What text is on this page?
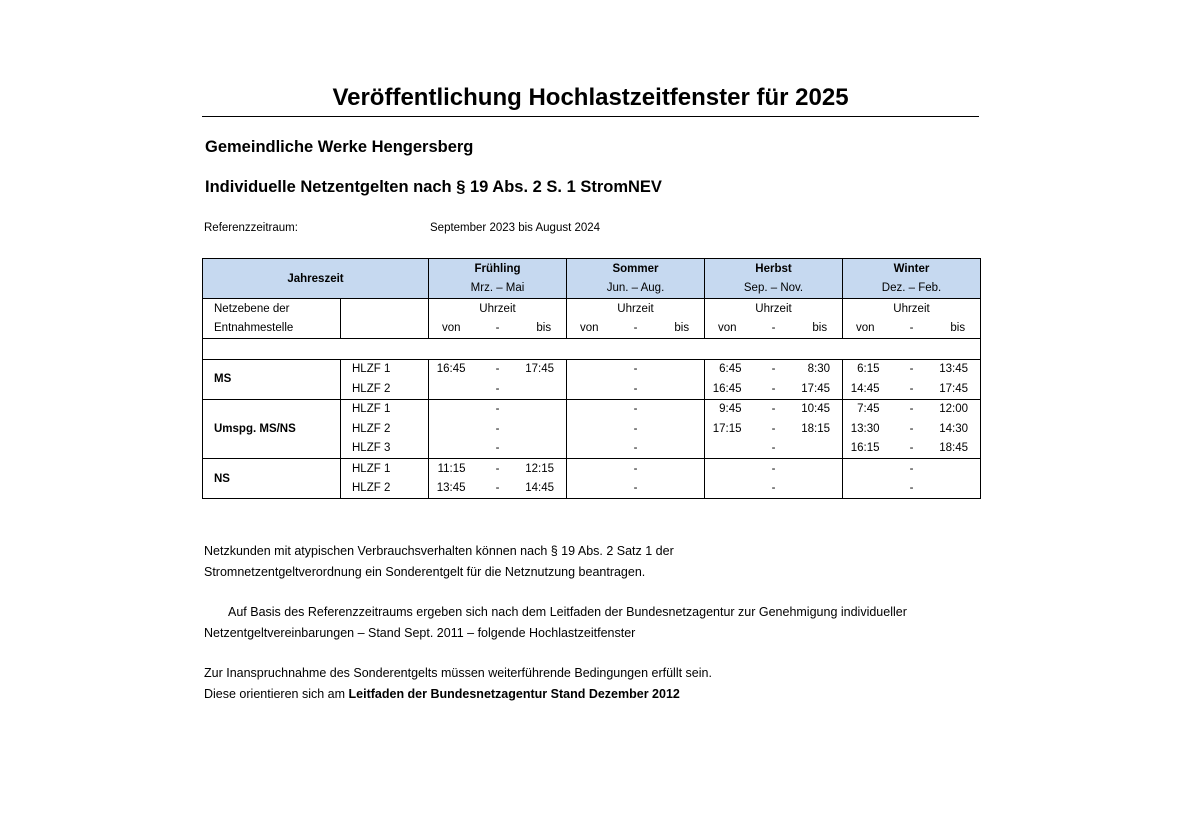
Veröffentlichung Hochlastzeitfenster für 2025
Gemeindliche Werke Hengersberg
Individuelle Netzentgelten nach § 19 Abs. 2 S. 1 StromNEV
Referenzzeitraum:	September 2023 bis August 2024
Jahreszeit		Frühling			Sommer			Herbst			Winter		
		Mrz. – Mai			Jun. – Aug.			Sep. – Nov.			Dez. – Feb.		

Netzebene der
Entnahmestelle		Uhrzeit			Uhrzeit			Uhrzeit			Uhrzeit		
		von	-	bis	von	-	bis	von	-	bis	von	-	bis

MS	HLZF 1	16:45	-	17:45		-		6:45	-	8:30	6:15	-	13:45
	HLZF 2		-			-		16:45	-	17:45	14:45	-	17:45
Umspg. MS/NS	HLZF 1		-			-		9:45	-	10:45	7:45	-	12:00
	HLZF 2		-			-		17:15	-	18:15	13:30	-	14:30
	HLZF 3		-			-			-		16:15	-	18:45
NS	HLZF 1	11:15	-	12:15		-			-			-	
	HLZF 2	13:45	-	14:45		-			-			-	
Netzkunden mit atypischen Verbrauchsverhalten können nach § 19 Abs. 2 Satz 1 der
Stromnetzentgeltverordnung ein Sonderentgelt für die Netznutzung beantragen.
Auf Basis des Referenzzeitraums ergeben sich nach dem Leitfaden der Bundesnetzagentur zur Genehmigung individueller
Netzentgeltvereinbarungen – Stand Sept. 2011 – folgende Hochlastzeitfenster
Zur Inanspruchnahme des Sonderentgelts müssen weiterführende Bedingungen erfüllt sein.
Diese orientieren sich am Leitfaden der Bundesnetzagentur Stand Dezember 2012
